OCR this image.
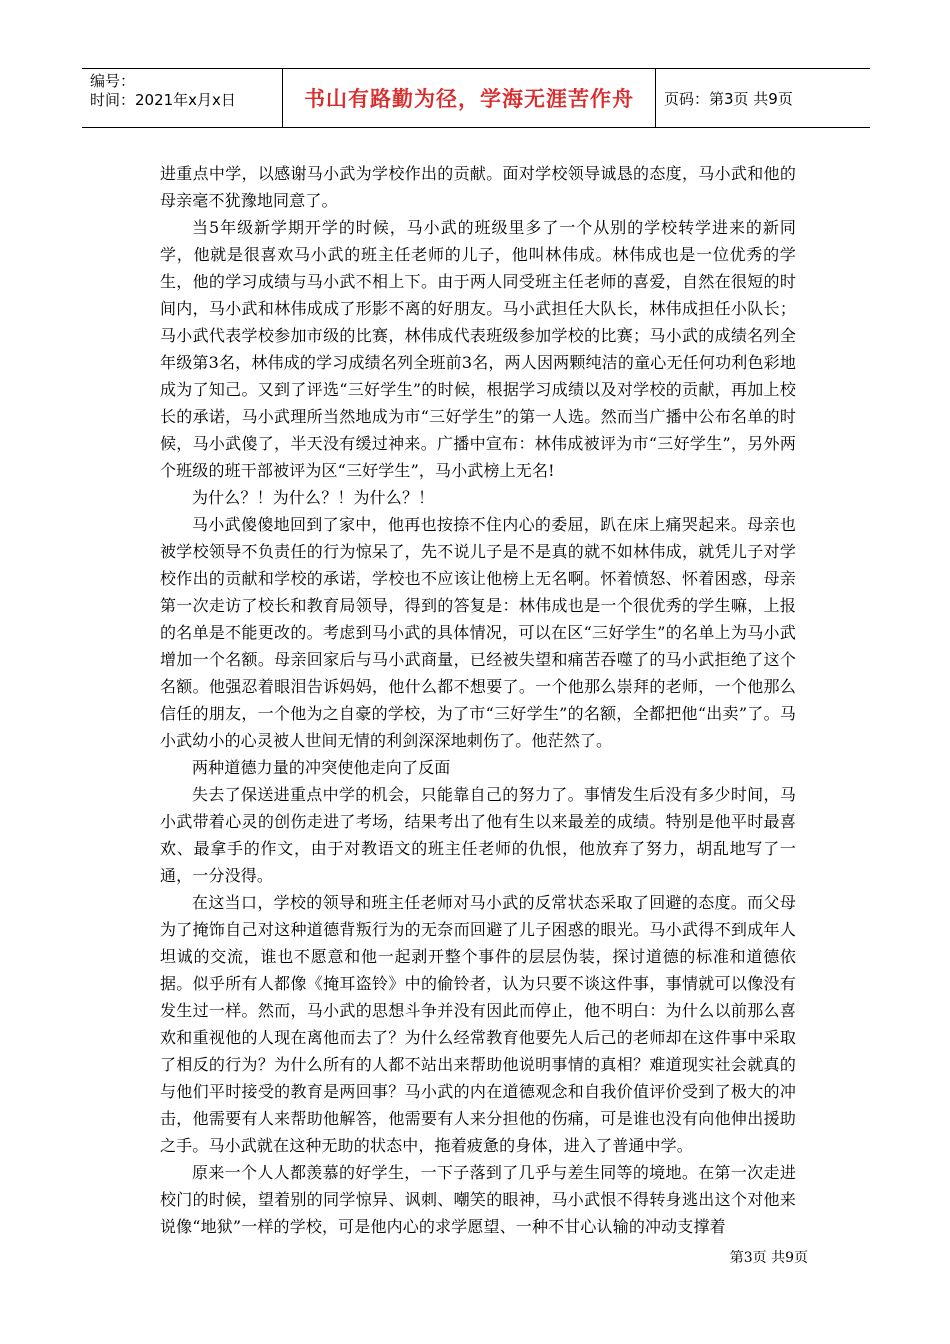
编号：
时间：2021年x月x日	书山有路勤为径，学海无涯苦作舟	页码：第3页 共9页

进重点中学，以感谢马小武为学校作出的贡献。面对学校领导诚恳的态度，马小武和他的母亲毫不犹豫地同意了。

当5年级新学期开学的时候，马小武的班级里多了一个从别的学校转学进来的新同学，他就是很喜欢马小武的班主任老师的儿子，他叫林伟成。林伟成也是一位优秀的学生，他的学习成绩与马小武不相上下。由于两人同受班主任老师的喜爱，自然在很短的时间内，马小武和林伟成成了形影不离的好朋友。马小武担任大队长，林伟成担任小队长；马小武代表学校参加市级的比赛，林伟成代表班级参加学校的比赛；马小武的成绩名列全年级第3名，林伟成的学习成绩名列全班前3名，两人因两颗纯洁的童心无任何功利色彩地成为了知己。又到了评选“三好学生”的时候，根据学习成绩以及对学校的贡献，再加上校长的承诺，马小武理所当然地成为市“三好学生”的第一人选。然而当广播中公布名单的时候，马小武傻了，半天没有缓过神来。广播中宣布：林伟成被评为市“三好学生”，另外两个班级的班干部被评为区“三好学生”，马小武榜上无名!

为什么？！为什么？！为什么？！

马小武傻傻地回到了家中，他再也按捺不住内心的委屈，趴在床上痛哭起来。母亲也被学校领导不负责任的行为惊呆了，先不说儿子是不是真的就不如林伟成，就凭儿子对学校作出的贡献和学校的承诺，学校也不应该让他榜上无名啊。怀着愤怒、怀着困惑，母亲第一次走访了校长和教育局领导，得到的答复是：林伟成也是一个很优秀的学生嘛，上报的名单是不能更改的。考虑到马小武的具体情况，可以在区“三好学生”的名单上为马小武增加一个名额。母亲回家后与马小武商量，已经被失望和痛苦吞噬了的马小武拒绝了这个名额。他强忍着眼泪告诉妈妈，他什么都不想要了。一个他那么崇拜的老师，一个他那么信任的朋友，一个他为之自豪的学校，为了市“三好学生”的名额，全都把他“出卖”了。马小武幼小的心灵被人世间无情的利剑深深地刺伤了。他茫然了。

两种道德力量的冲突使他走向了反面

失去了保送进重点中学的机会，只能靠自己的努力了。事情发生后没有多少时间，马小武带着心灵的创伤走进了考场，结果考出了他有生以来最差的成绩。特别是他平时最喜欢、最拿手的作文，由于对教语文的班主任老师的仇恨，他放弃了努力，胡乱地写了一通，一分没得。

在这当口，学校的领导和班主任老师对马小武的反常状态采取了回避的态度。而父母为了掩饰自己对这种道德背叛行为的无奈而回避了儿子困惑的眼光。马小武得不到成年人坦诚的交流，谁也不愿意和他一起剥开整个事件的层层伪装，探讨道德的标准和道德依据。似乎所有人都像《掩耳盗铃》中的偷铃者，认为只要不谈这件事，事情就可以像没有发生过一样。然而，马小武的思想斗争并没有因此而停止，他不明白：为什么以前那么喜欢和重视他的人现在离他而去了？为什么经常教育他要先人后己的老师却在这件事中采取了相反的行为？为什么所有的人都不站出来帮助他说明事情的真相？难道现实社会就真的与他们平时接受的教育是两回事？马小武的内在道德观念和自我价值评价受到了极大的冲击，他需要有人来帮助他解答，他需要有人来分担他的伤痛，可是谁也没有向他伸出援助之手。马小武就在这种无助的状态中，拖着疲惫的身体，进入了普通中学。

原来一个人人都羡慕的好学生，一下子落到了几乎与差生同等的境地。在第一次走进校门的时候，望着别的同学惊异、讽刺、嘲笑的眼神，马小武恨不得转身逃出这个对他来说像“地狱”一样的学校，可是他内心的求学愿望、一种不甘心认输的冲动支撑着

第3页 共9页
